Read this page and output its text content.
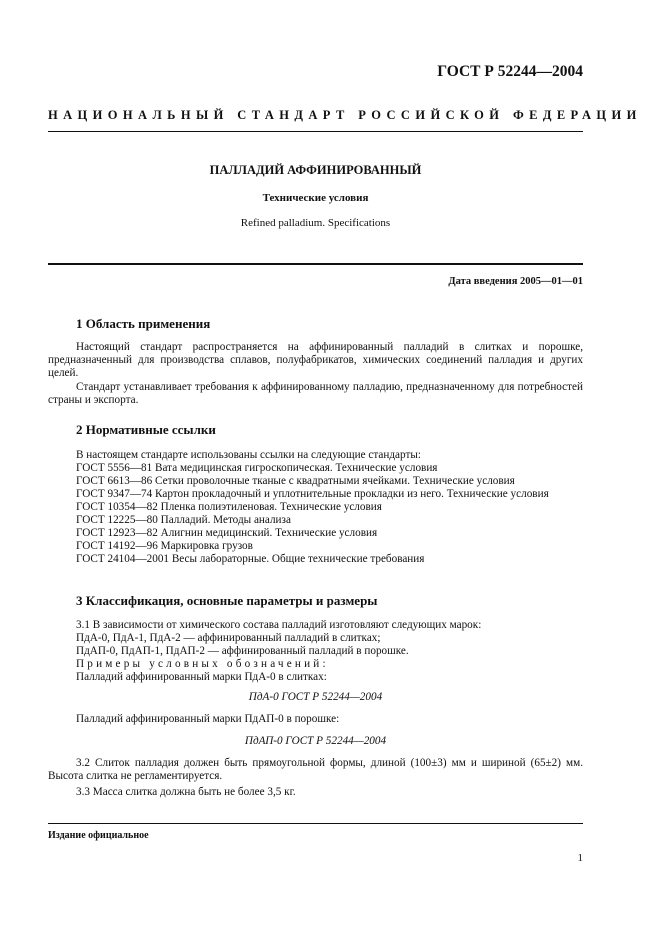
ГОСТ Р 52244—2004
НАЦИОНАЛЬНЫЙ СТАНДАРТ РОССИЙСКОЙ ФЕДЕРАЦИИ
ПАЛЛАДИЙ АФФИНИРОВАННЫЙ
Технические условия
Refined palladium. Specifications
Дата введения 2005—01—01
1 Область применения

Настоящий стандарт распространяется на аффинированный палладий в слитках и порошке, предназначенный для производства сплавов, полуфабрикатов, химических соединений палладия и других целей.

Стандарт устанавливает требования к аффинированному палладию, предназначенному для потребностей страны и экспорта.

2 Нормативные ссылки

В настоящем стандарте использованы ссылки на следующие стандарты:

ГОСТ 5556—81 Вата медицинская гигроскопическая. Технические условия

ГОСТ 6613—86 Сетки проволочные тканые с квадратными ячейками. Технические условия

ГОСТ 9347—74 Картон прокладочный и уплотнительные прокладки из него. Технические условия

ГОСТ 10354—82 Пленка полиэтиленовая. Технические условия

ГОСТ 12225—80 Палладий. Методы анализа

ГОСТ 12923—82 Алигнин медицинский. Технические условия

ГОСТ 14192—96 Маркировка грузов

ГОСТ 24104—2001 Весы лабораторные. Общие технические требования

3 Классификация, основные параметры и размеры

3.1 В зависимости от химического состава палладий изготовляют следующих марок:

ПдА-0, ПдА-1, ПдА-2 — аффинированный палладий в слитках;

ПдАП-0, ПдАП-1, ПдАП-2 — аффинированный палладий в порошке.

Примеры условных обозначений:

Палладий аффинированный марки ПдА-0 в слитках:

ПдА-0 ГОСТ Р 52244—2004

Палладий аффинированный марки ПдАП-0 в порошке:

ПдАП-0 ГОСТ Р 52244—2004

3.2 Слиток палладия должен быть прямоугольной формы, длиной (100±3) мм и шириной (65±2) мм. Высота слитка не регламентируется.

3.3 Масса слитка должна быть не более 3,5 кг.

Издание официальное
1
